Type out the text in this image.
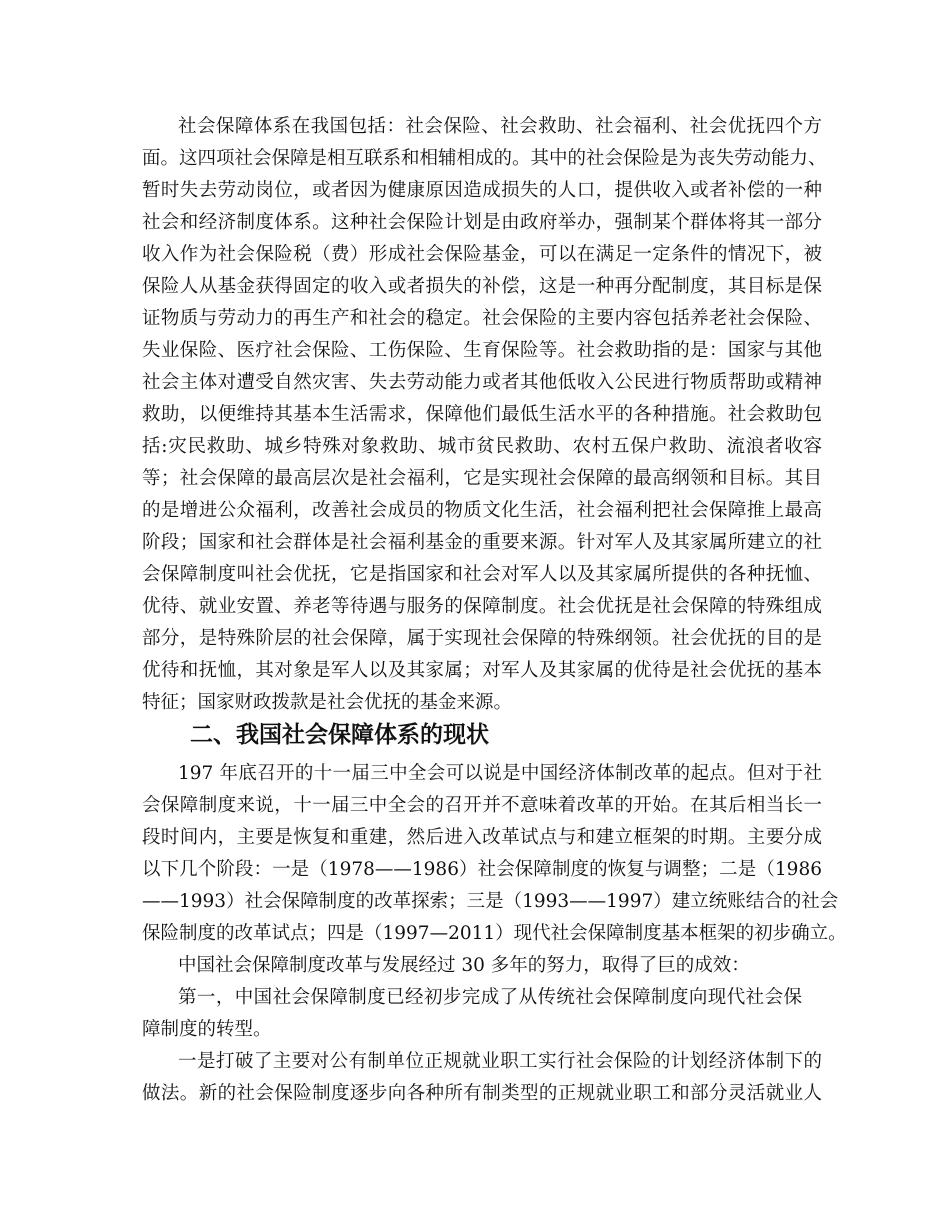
社会保障体系在我国包括：社会保险、社会救助、社会福利、社会优抚四个方
面。这四项社会保障是相互联系和相辅相成的。其中的社会保险是为丧失劳动能力、
暂时失去劳动岗位，或者因为健康原因造成损失的人口，提供收入或者补偿的一种
社会和经济制度体系。这种社会保险计划是由政府举办，强制某个群体将其一部分
收入作为社会保险税（费）形成社会保险基金，可以在满足一定条件的情况下，被
保险人从基金获得固定的收入或者损失的补偿，这是一种再分配制度，其目标是保
证物质与劳动力的再生产和社会的稳定。社会保险的主要内容包括养老社会保险、
失业保险、医疗社会保险、工伤保险、生育保险等。社会救助指的是：国家与其他
社会主体对遭受自然灾害、失去劳动能力或者其他低收入公民进行物质帮助或精神
救助，以便维持其基本生活需求，保障他们最低生活水平的各种措施。社会救助包
括:灾民救助、城乡特殊对象救助、城市贫民救助、农村五保户救助、流浪者收容
等；社会保障的最高层次是社会福利，它是实现社会保障的最高纲领和目标。其目
的是增进公众福利，改善社会成员的物质文化生活，社会福利把社会保障推上最高
阶段；国家和社会群体是社会福利基金的重要来源。针对军人及其家属所建立的社
会保障制度叫社会优抚，它是指国家和社会对军人以及其家属所提供的各种抚恤、
优待、就业安置、养老等待遇与服务的保障制度。社会优抚是社会保障的特殊组成
部分，是特殊阶层的社会保障，属于实现社会保障的特殊纲领。社会优抚的目的是
优待和抚恤，其对象是军人以及其家属；对军人及其家属的优待是社会优抚的基本
特征；国家财政拨款是社会优抚的基金来源。
二、我国社会保障体系的现状
197 年底召开的十一届三中全会可以说是中国经济体制改革的起点。但对于社
会保障制度来说，十一届三中全会的召开并不意味着改革的开始。在其后相当长一
段时间内，主要是恢复和重建，然后进入改革试点与和建立框架的时期。主要分成
以下几个阶段：一是（1978——1986）社会保障制度的恢复与调整；二是（1986
——1993）社会保障制度的改革探索；三是（1993——1997）建立统账结合的社会
保险制度的改革试点；四是（1997—2011）现代社会保障制度基本框架的初步确立。
中国社会保障制度改革与发展经过 30 多年的努力，取得了巨的成效：
第一，中国社会保障制度已经初步完成了从传统社会保障制度向现代社会保
障制度的转型。
一是打破了主要对公有制单位正规就业职工实行社会保险的计划经济体制下的
做法。新的社会保险制度逐步向各种所有制类型的正规就业职工和部分灵活就业人
